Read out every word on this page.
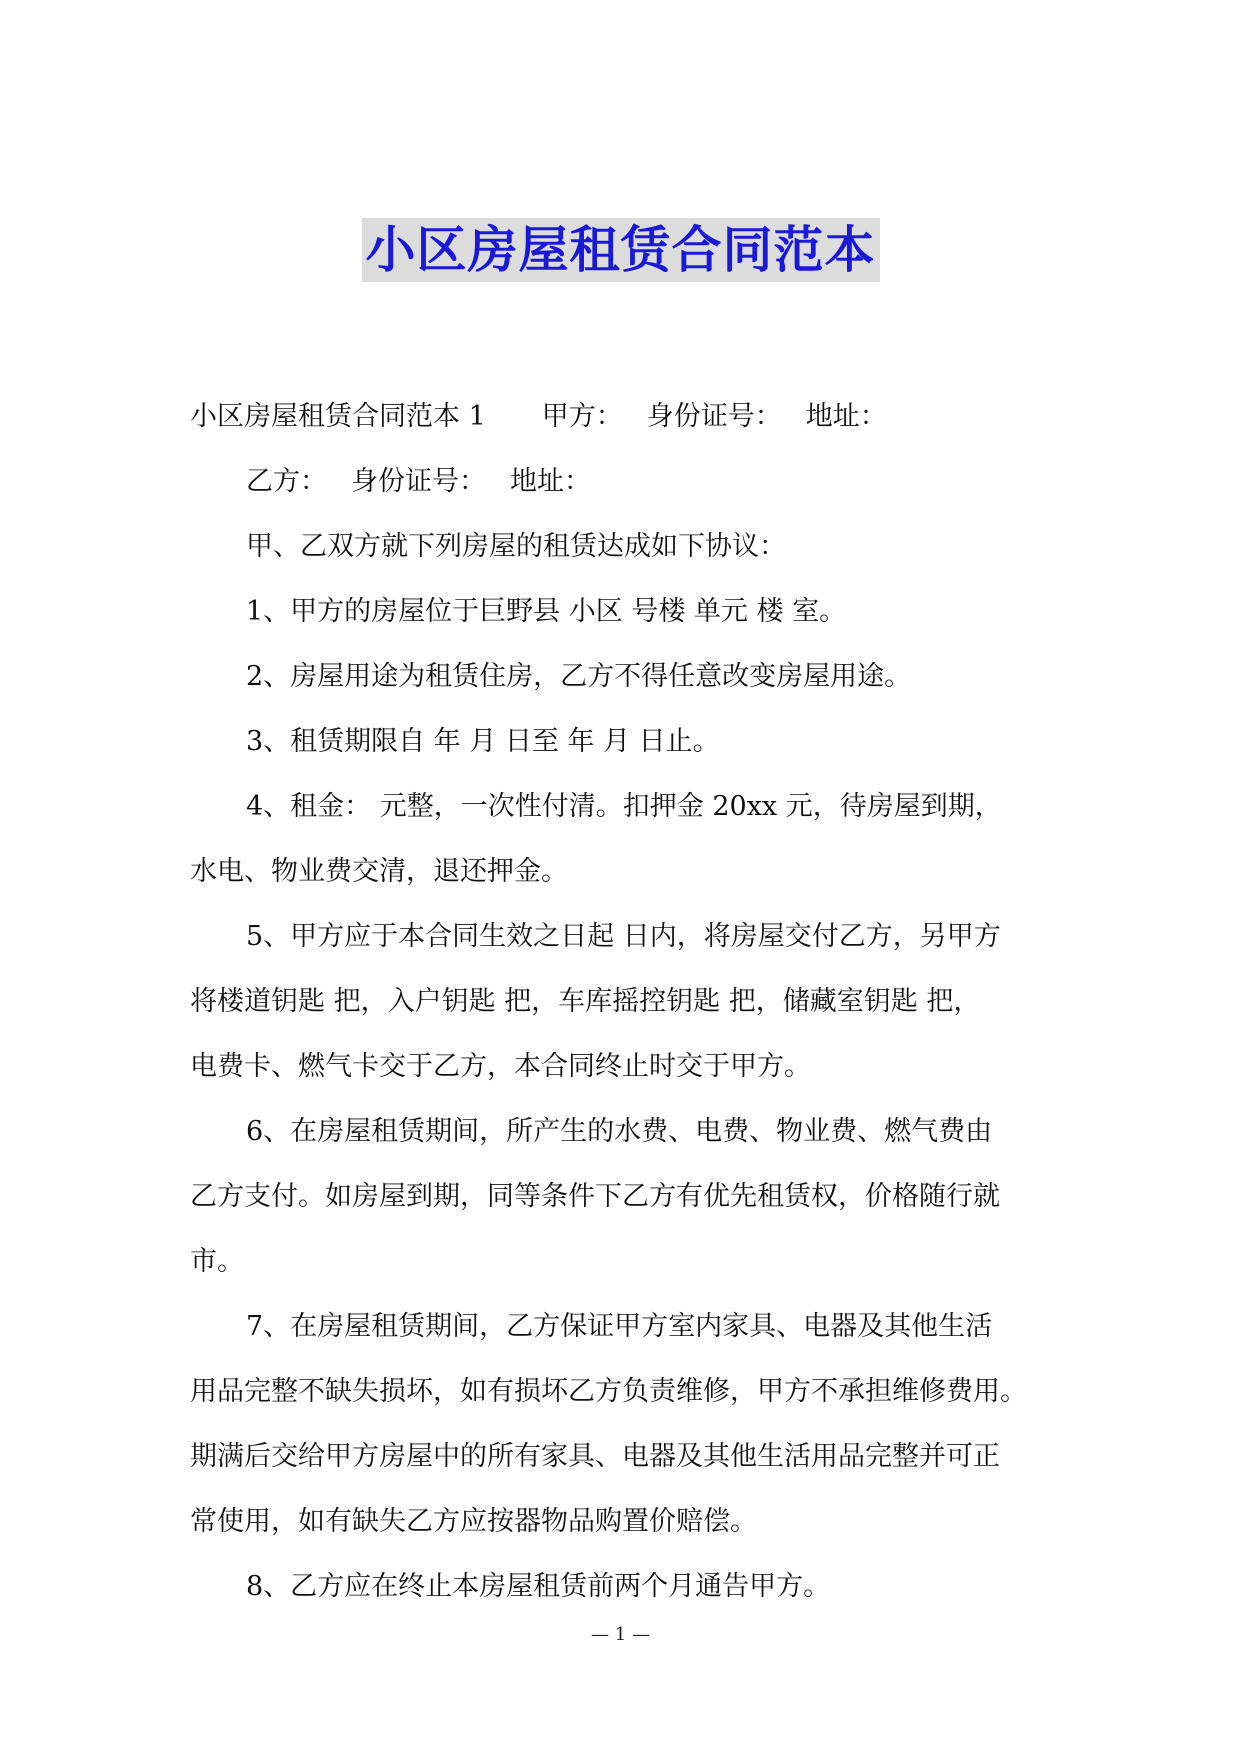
小区房屋租赁合同范本

小区房屋租赁合同范本 1 甲方： 身份证号： 地址：

乙方： 身份证号： 地址：

甲、乙双方就下列房屋的租赁达成如下协议：

1、甲方的房屋位于巨野县 小区 号楼 单元 楼 室。

2、房屋用途为租赁住房，乙方不得任意改变房屋用途。

3、租赁期限自 年 月 日至 年 月 日止。

4、租金： 元整，一次性付清。扣押金 20xx 元，待房屋到期，

水电、物业费交清，退还押金。

5、甲方应于本合同生效之日起 日内，将房屋交付乙方，另甲方

将楼道钥匙 把，入户钥匙 把，车库摇控钥匙 把，储藏室钥匙 把，

电费卡、燃气卡交于乙方，本合同终止时交于甲方。

6、在房屋租赁期间，所产生的水费、电费、物业费、燃气费由

乙方支付。如房屋到期，同等条件下乙方有优先租赁权，价格随行就

市。

7、在房屋租赁期间，乙方保证甲方室内家具、电器及其他生活

用品完整不缺失损坏，如有损坏乙方负责维修，甲方不承担维修费用。

期满后交给甲方房屋中的所有家具、电器及其他生活用品完整并可正

常使用，如有缺失乙方应按器物品购置价赔偿。

8、乙方应在终止本房屋租赁前两个月通告甲方。

— 1 —
